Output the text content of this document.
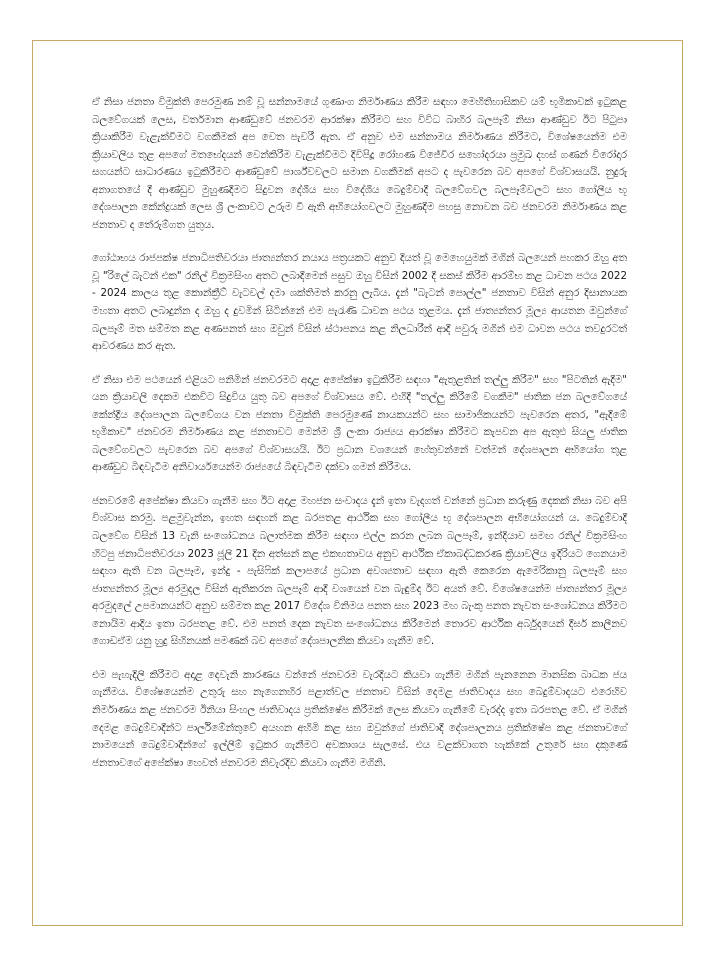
ඒ නිසා ජනතා විමුක්ති පෙරමුණ නම් වූ සන්නාමයේ ගුණාංග නිර්මාණය කිරීම සඳහා මෙහිතිහාසිකව යම් භූමිකාවක් ඉටුකළ බලවේගයක් ලෙස, වර්තමාන ආණ්ඩුවේ ජනවරම ආරක්ෂා කිරීමට සහ විවිධ බාහිර බලපෑම් නිසා ආණ්ඩුව ඊට පිටුපා ක්‍රියාකිරීම වැළැක්වීමට වගකීමක් අප වෙත පැවරී ඇත. ඒ අනුව එම සන්නාමය නිර්මාණය කිරීමට, විශේෂයෙන්ම එම ක්‍රියාවලිය තුළ අපගේ මතභේදයන් වෙන්කිරීම වැළැක්වීමට දිවිපිදූ රෝහණ විජේවීර සහෝදරයා ප්‍රමුඛ දහස් ගණන් විරෝදාර සගයන්ට සාධාරණය ඉටුකිරීමට ආණ්ඩුවේ පාර්ශ්වවලට සමාන වගකීමක් අපට ද පැවරෙන බව අපගේ විශ්වාසයයි. නුදුරු අනාගතයේ දී ආණ්ඩුව මුහුණදීමට සිදුවන දේශීය සහ විදේශීය බෙදුම්වාදී බලවේගවල බලපෑම්වලට සහ ගෝලීය භූ දේශපාලන කේන්ද්‍රයක් ලෙස ශ්‍රී ලංකාවට උරුම වී ඇති අභියෝගවලට මුහුණදීම පහසු නොවන බව ජනවරම නිර්මාණය කළ ජනතාව ද තේරුම්ගත යුතුය.

ගෝඨාභය රාජපක්ෂ ජනාධිපතිවරයා ජාත්‍යන්තර නයාය පත්‍රයකට අනුව දියත් වූ මෙහෙයුමක් මගින් බලයෙන් පහකර ඔහු අත වූ "රිලේ බැටන් එක" රනිල් වික්‍රමසිංහ අතට ලබාදීමෙන් පසුව ඔහු විසින් 2002 දී සකස් කිරීම ආරම්භ කළ ධාවන පථය 2022 - 2024 කාලය තුළ කොන්ක්‍රීට් වැටවල් දමා ශක්තිමත් කරනු ලැබීය. දැන් "බැටන් පොල්ල" ජනතාව විසින් අනුර දිසානායක මහතා අතට ලබාදුන්න ද ඔහු ද දුවමින් සිටින්නේ එම පැරැණි ධාවන පථය තුළමය. දැන් ජාත්‍යන්තර මූල්‍ය ආයතන ඔවුන්ගේ බලපෑම් මත සම්මත කළ අණපනත් සහ ඔවුන් විසින් ස්ථාපනය කළ නිලධාරීන් ආදී පවුරු මගින් එම ධාවන පථය තවදුරටත් ආවරණය කර ඇත.

ඒ නිසා එම පථයෙන් එළියට පනිමින් ජනවරමට අදාළ අපේක්ෂා ඉටුකිරීම සඳහා "ඇතුළතින් තල්ලු කිරීම" සහ "පිටතින් ඇදීම" යන ක්‍රියාවලි දෙකම එකවිට සිදුවිය යුතු බව අපගේ විශ්වාසය වේ. එහිදී "තල්ලු කිරීමේ වගකීම" ජාතික ජන බලවේගයේ කේන්ද්‍රීය දේශපාලන බලවේගය වන ජනතා විමුක්ති පෙරමුණේ නායකයන්ට සහ සාමාජිකයන්ට පැවරෙන අතර, "ඇදීමේ භූමිකාව" ජනවරම නිර්මාණය කළ ජනතාවට මෙන්ම ශ්‍රී ලංකා රාජ්‍යය ආරක්ෂා කිරීමට කැපවන අප ඇතුළු සියලු ජාතික බලවේගවලට පැවරෙන බව අපගේ විශ්වාසයයි. ඊට ප්‍රධාන වශයෙන් හේතුවන්නේ වත්මන් දේශපාලන අභියෝග තුළ ආණ්ඩුව බිඳවැටීම අනිවාර්යයෙන්ම රාජ්‍යයේ බිඳවැටීම දක්වා ගමන් කිරීමය.

ජනවරමේ අපේක්ෂා කියවා ගැනීම සහ ඊට අදාළ මහජන සංවාදය දැන් ඉතා වැදගත් වන්නේ ප්‍රධාන කරුණු දෙකක් නිසා බව අපි විශ්වාස කරමු. පළමුවැන්න, ඉහත සඳහන් කළ බරපතළ ආර්ථික සහ ගෝලීය භූ දේශපාලන අභියෝගයන් ය. බෙදුම්වාදී බලවේග විසින් 13 වැනි සංශෝධනය බලාත්මක කිරීම සඳහා එල්ල කරන ලබන බලපෑම්, ඉන්දියාව සමඟ රනිල් වික්‍රමසිංහ හිටපු ජනාධිපතිවරයා 2023 ජූලි 21 දින අත්සන් කළ එකඟතාවය අනුව ආර්ථික ඒකාබද්ධකරණ ක්‍රියාවලිය ඉදිරියට ගෙනයාම සඳහා ඇති වන බලපෑම, ඉන්දු - පැසිෆික් කලාපයේ ප්‍රධාන අවශ්‍යතාව සඳහා ඇති කෙරෙන ඇමෙරිකානු බලපෑම් සහ ජාත්‍යන්තර මූල්‍ය අරමුදල විසින් ඇතිකරන බලපෑම් ආදී වශයෙන් වන බැඳුම්ද ඊට අයත් වේ. විශේෂයෙන්ම ජාත්‍යන්තර මූල්‍ය අරමුදලේ උපමානයන්ට අනුව සම්මත කළ 2017 විදේශ විනිමය පනත සහ 2023 මහ බැංකු පනත නැවත සංශෝධනය කිරීමට නොයිම ආදිය ඉතා බරපතළ වේ. එම පනත් දෙක නැවත සංශෝධනය කිරීමෙන් තොරව ආර්ථික අර්බුදයෙන් දීර්ඝ කාලීනව ගොඩඒම යනු හුදු සිහිනයක් පමණක් බව අපගේ දේශපාලනික කියවා ගැනීම වේ.

එම පැහැදිලි කිරීමට අදාළ දෙවැනි කාරණය වන්නේ ජනවරම වැරදියට කියවා ගැනීම මගින් පැනනෙන මානසික බාධක ජය ගැනීමය. විශේෂයෙන්ම උතුරු සහ නැගෙනහිර පළාත්වල ජනතාව විසින් දෙමළ ජාතිවාදය සහ බෙදුම්වාදයට එරෙහිව නිර්මාණය කළ ජනවරම ඊනියා සිංහල ජාතිවාදය ප්‍රතික්ෂේප කිරීමක් ලෙස කියවා ගැනීමේ වැරද්ද ඉතා බරපතළ වේ. ඒ මගින් දෙමළ බෙදුම්වාදීන්ට පාර්ලිමේන්තුවේ අයහන අහිමි කළ සහ ඔවුන්ගේ ජාතිවාදී දේශපාලනය ප්‍රතික්ෂේප කළ ජනතාවගේ නාමයෙන් බෙදුම්වාදීන්ගේ ඉල්ලීම් ඉටුකර ගැනීමට අවකාශය සැලසේ. එය වළක්වාගත හැක්කේ උතුරේ සහ දකුණේ ජනතාවගේ අපේක්ෂා හෙවත් ජනවරම නිවැරදිව කියවා ගැනීම මගිනි.
